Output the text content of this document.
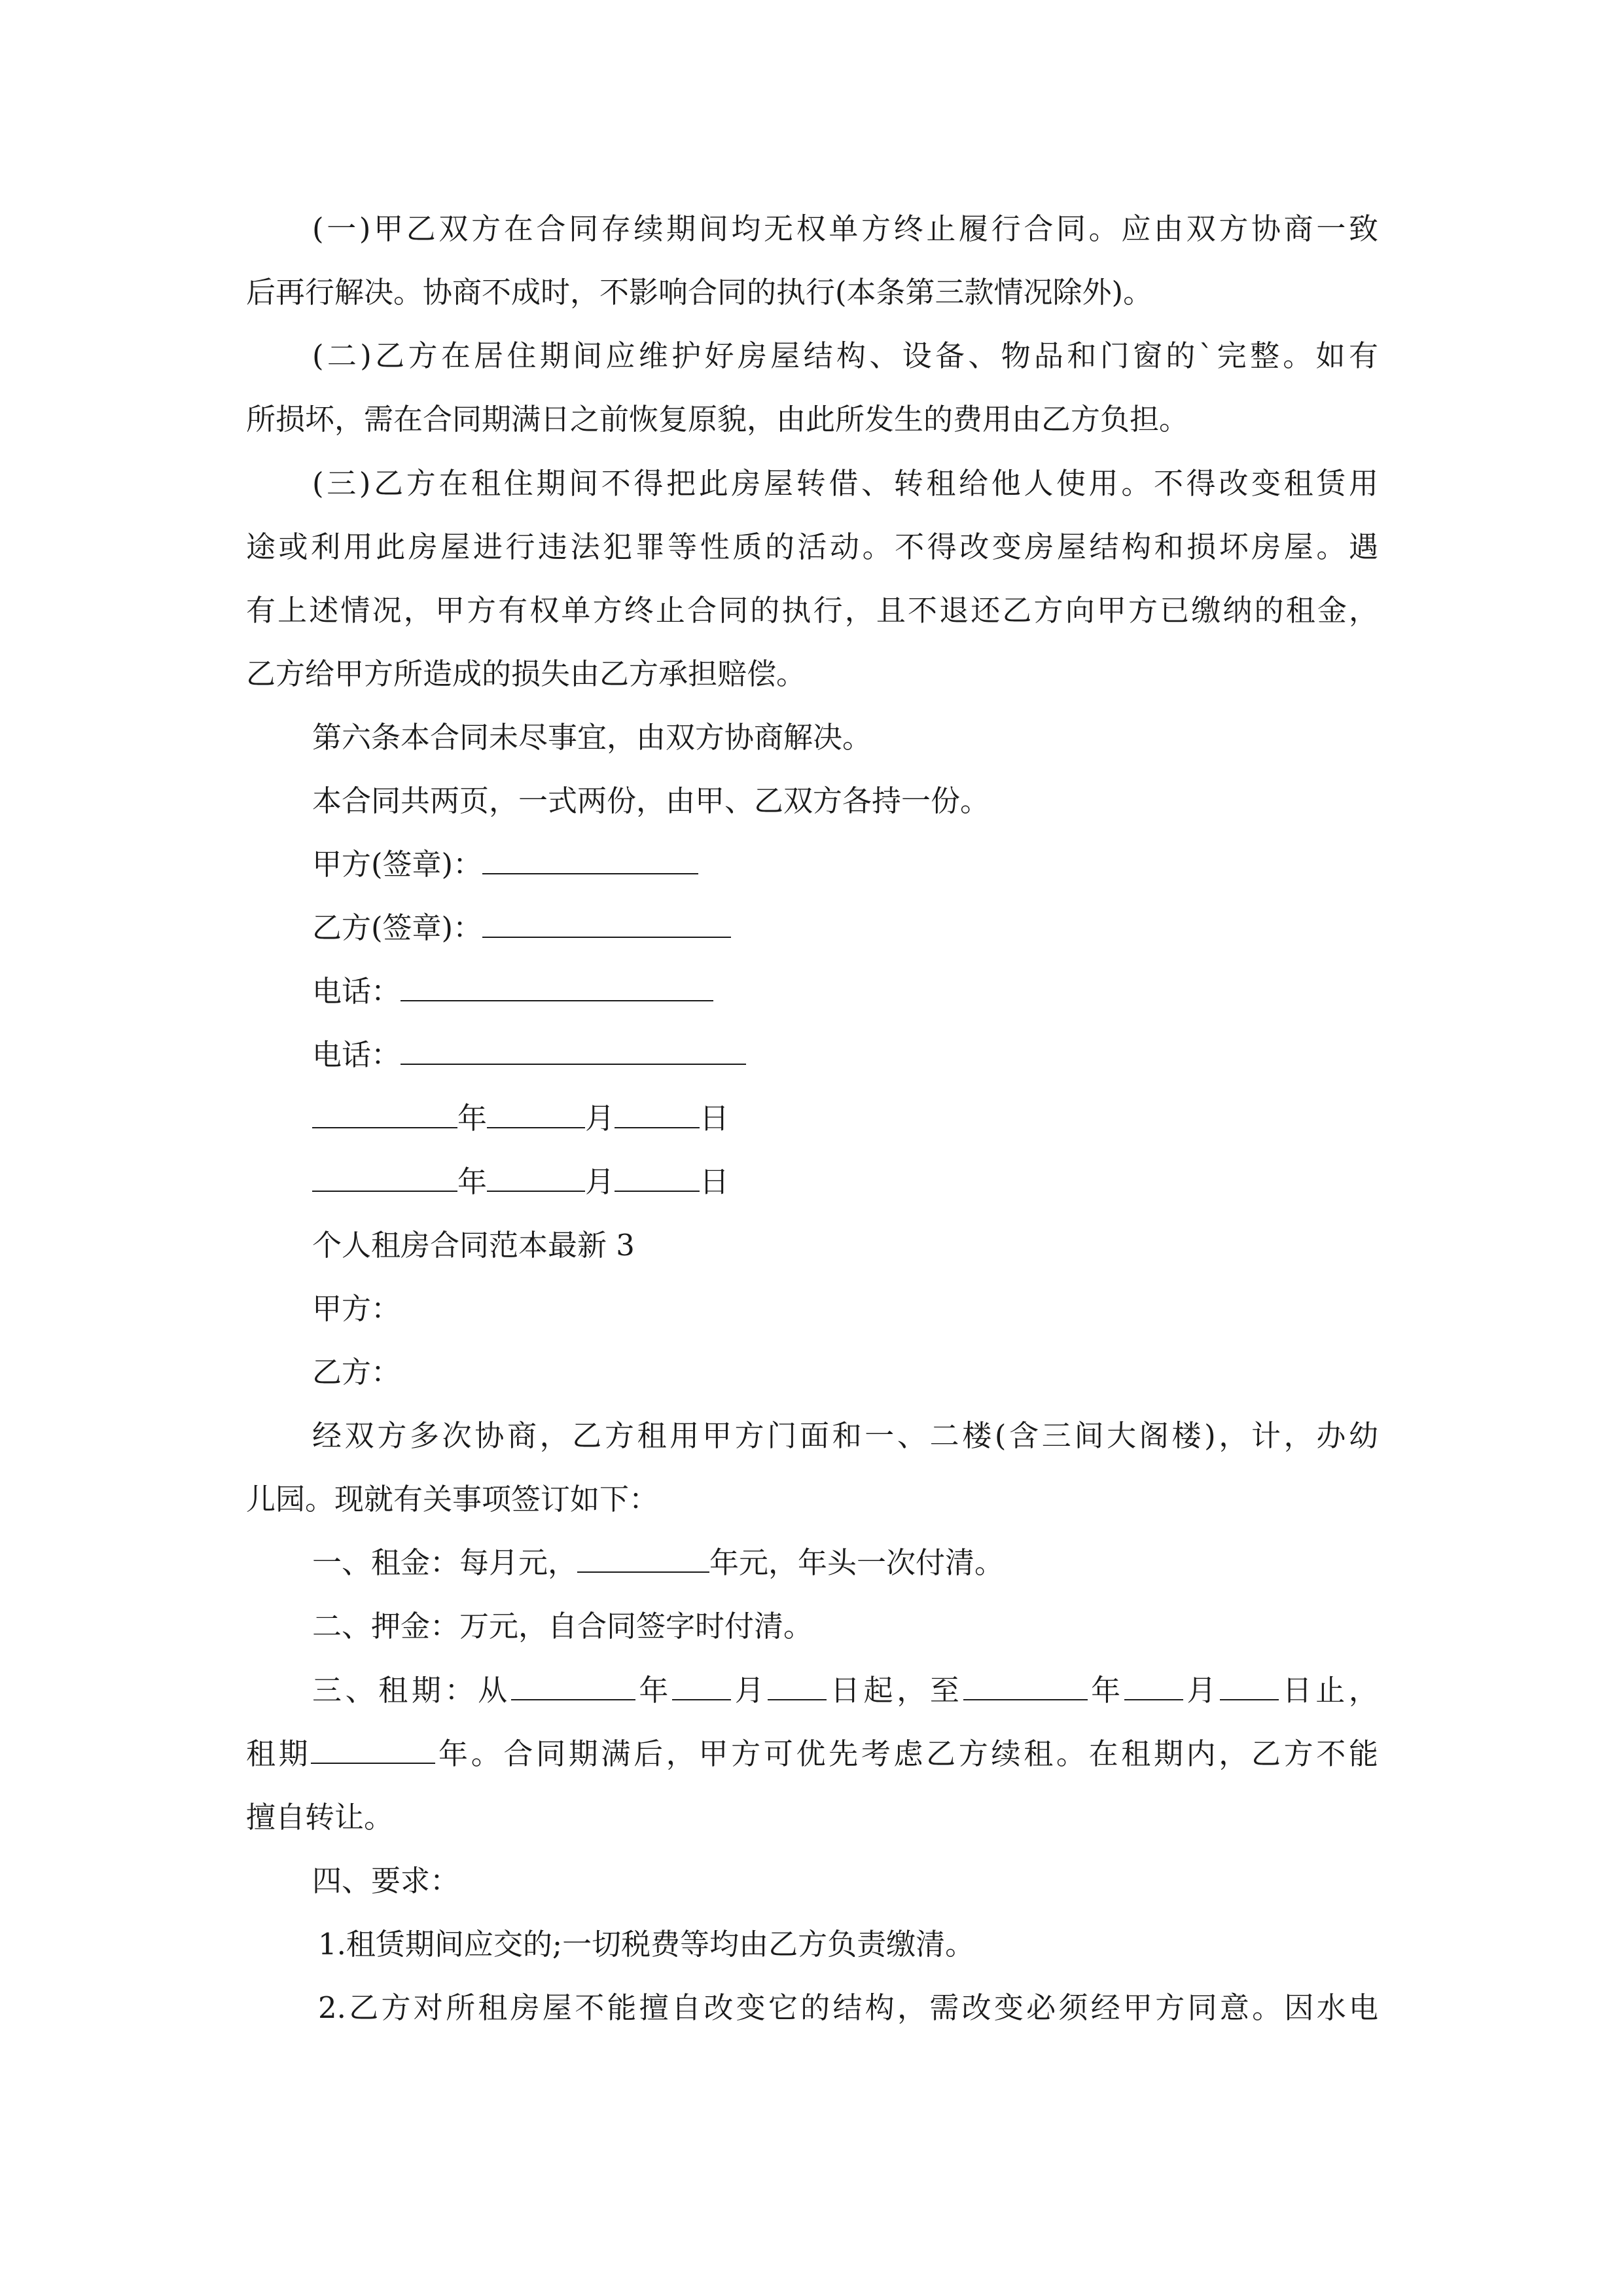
(一)甲乙双方在合同存续期间均无权单方终止履行合同。应由双方协商一致
后再行解决。协商不成时，不影响合同的执行(本条第三款情况除外)。
(二)乙方在居住期间应维护好房屋结构、设备、物品和门窗的`完整。如有
所损坏，需在合同期满日之前恢复原貌，由此所发生的费用由乙方负担。
(三)乙方在租住期间不得把此房屋转借、转租给他人使用。不得改变租赁用
途或利用此房屋进行违法犯罪等性质的活动。不得改变房屋结构和损坏房屋。遇
有上述情况，甲方有权单方终止合同的执行，且不退还乙方向甲方已缴纳的租金，
乙方给甲方所造成的损失由乙方承担赔偿。
第六条本合同未尽事宜，由双方协商解决。
本合同共两页，一式两份，由甲、乙双方各持一份。
甲方(签章)：
乙方(签章)：
电话：
电话：
年	月	日
年	月	日
个人租房合同范本最新 3
甲方：
乙方：
经双方多次协商，乙方租用甲方门面和一、二楼(含三间大阁楼)，计，办幼
儿园。现就有关事项签订如下：
一、租金：每月元，	年元，年头一次付清。
二、押金：万元，自合同签字时付清。
三、租期：从	年 月 日起，至	年 月 日止，
租期	年。合同期满后，甲方可优先考虑乙方续租。在租期内，乙方不能
擅自转让。
四、要求：
1.租赁期间应交的;一切税费等均由乙方负责缴清。
2.乙方对所租房屋不能擅自改变它的结构，需改变必须经甲方同意。因水电
